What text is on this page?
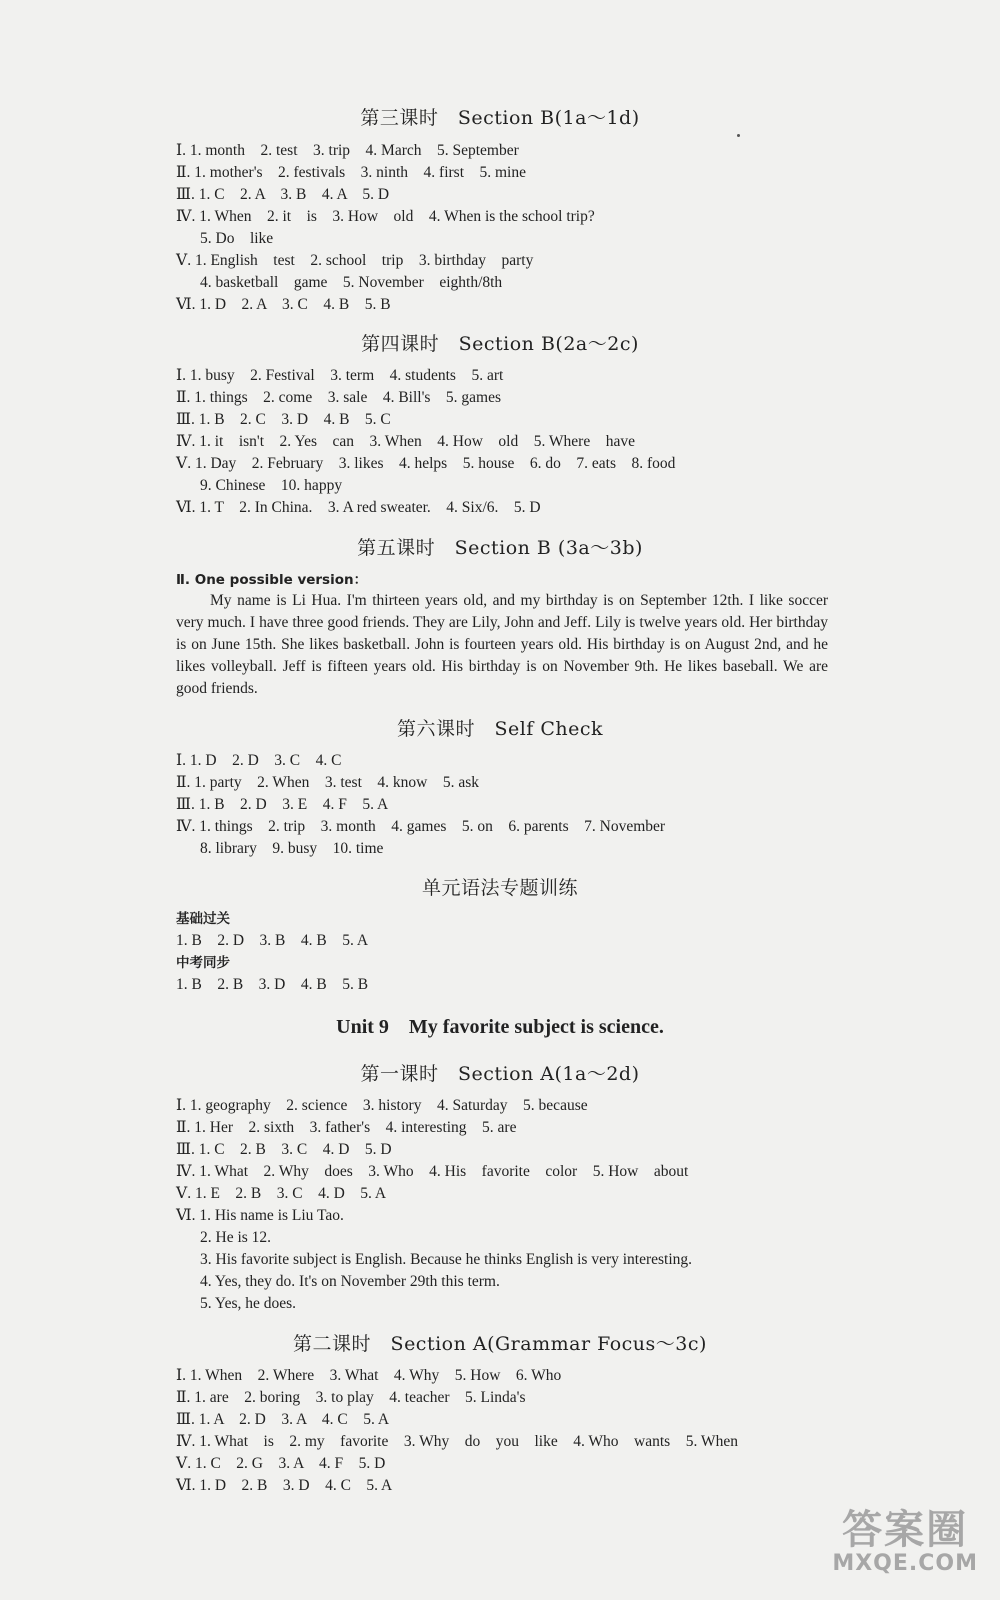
第三课时　Section B(1a～1d)
Ⅰ. 1. month　2. test　3. trip　4. March　5. September
Ⅱ. 1. mother's　2. festivals　3. ninth　4. first　5. mine
Ⅲ. 1. C　2. A　3. B　4. A　5. D
Ⅳ. 1. When　2. it　is　3. How　old　4. When is the school trip?
5. Do　like
Ⅴ. 1. English　test　2. school　trip　3. birthday　party
4. basketball　game　5. November　eighth/8th
Ⅵ. 1. D　2. A　3. C　4. B　5. B
第四课时　Section B(2a～2c)
Ⅰ. 1. busy　2. Festival　3. term　4. students　5. art
Ⅱ. 1. things　2. come　3. sale　4. Bill's　5. games
Ⅲ. 1. B　2. C　3. D　4. B　5. C
Ⅳ. 1. it　isn't　2. Yes　can　3. When　4. How　old　5. Where　have
Ⅴ. 1. Day　2. February　3. likes　4. helps　5. house　6. do　7. eats　8. food
9. Chinese　10. happy
Ⅵ. 1. T　2. In China.　3. A red sweater.　4. Six/6.　5. D
第五课时　Section B (3a～3b)
Ⅱ. One possible version：
My name is Li Hua. I'm thirteen years old, and my birthday is on September 12th. I like soccer very much. I have three good friends. They are Lily, John and Jeff. Lily is twelve years old. Her birthday is on June 15th. She likes basketball. John is fourteen years old. His birthday is on August 2nd, and he likes volleyball. Jeff is fifteen years old. His birthday is on November 9th. He likes baseball. We are good friends.
第六课时　Self Check
Ⅰ. 1. D　2. D　3. C　4. C
Ⅱ. 1. party　2. When　3. test　4. know　5. ask
Ⅲ. 1. B　2. D　3. E　4. F　5. A
Ⅳ. 1. things　2. trip　3. month　4. games　5. on　6. parents　7. November
8. library　9. busy　10. time
单元语法专题训练
基础过关
1. B　2. D　3. B　4. B　5. A
中考同步
1. B　2. B　3. D　4. B　5. B
Unit 9　My favorite subject is science.
第一课时　Section A(1a～2d)
Ⅰ. 1. geography　2. science　3. history　4. Saturday　5. because
Ⅱ. 1. Her　2. sixth　3. father's　4. interesting　5. are
Ⅲ. 1. C　2. B　3. C　4. D　5. D
Ⅳ. 1. What　2. Why　does　3. Who　4. His　favorite　color　5. How　about
Ⅴ. 1. E　2. B　3. C　4. D　5. A
Ⅵ. 1. His name is Liu Tao.
2. He is 12.
3. His favorite subject is English. Because he thinks English is very interesting.
4. Yes, they do. It's on November 29th this term.
5. Yes, he does.
第二课时　Section A(Grammar Focus～3c)
Ⅰ. 1. When　2. Where　3. What　4. Why　5. How　6. Who
Ⅱ. 1. are　2. boring　3. to play　4. teacher　5. Linda's
Ⅲ. 1. A　2. D　3. A　4. C　5. A
Ⅳ. 1. What　is　2. my　favorite　3. Why　do　you　like　4. Who　wants　5. When
Ⅴ. 1. C　2. G　3. A　4. F　5. D
Ⅵ. 1. D　2. B　3. D　4. C　5. A
答案圈
MXQE.COM
